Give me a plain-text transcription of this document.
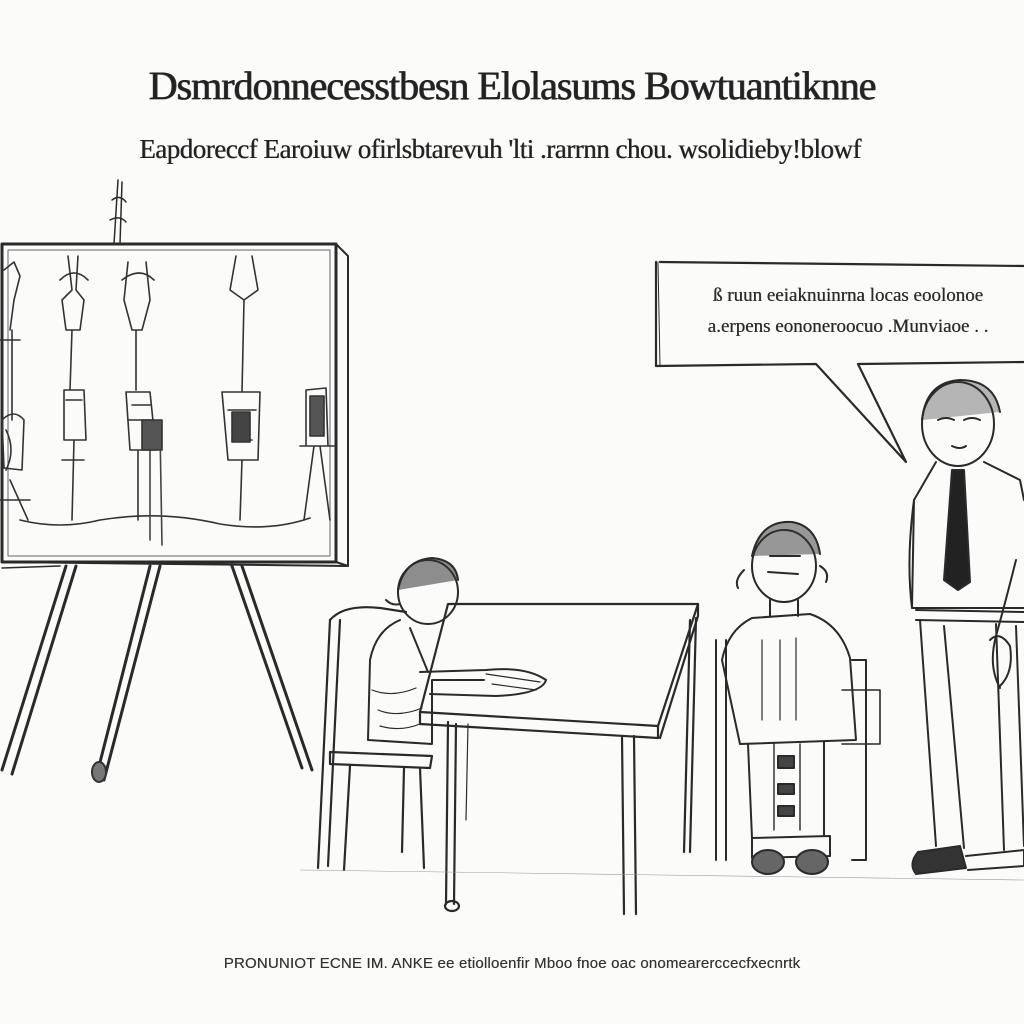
Dsmrdonnecesstbesn Elolasums Bowtuantiknne
Eapdoreccf Earoiuw ofirlsbtarevuh 'lti .rarrnn chou. wsolidieby!blowf
ß ruun eeiaknuinrna locas eoolonoe
a.erpens eononeroocuo .Munviaoe . .
PRONUNIOT ECNE IM. ANKE ee etiolloenfir Mboo fnoe oac onomearerccecfxecnrtk
